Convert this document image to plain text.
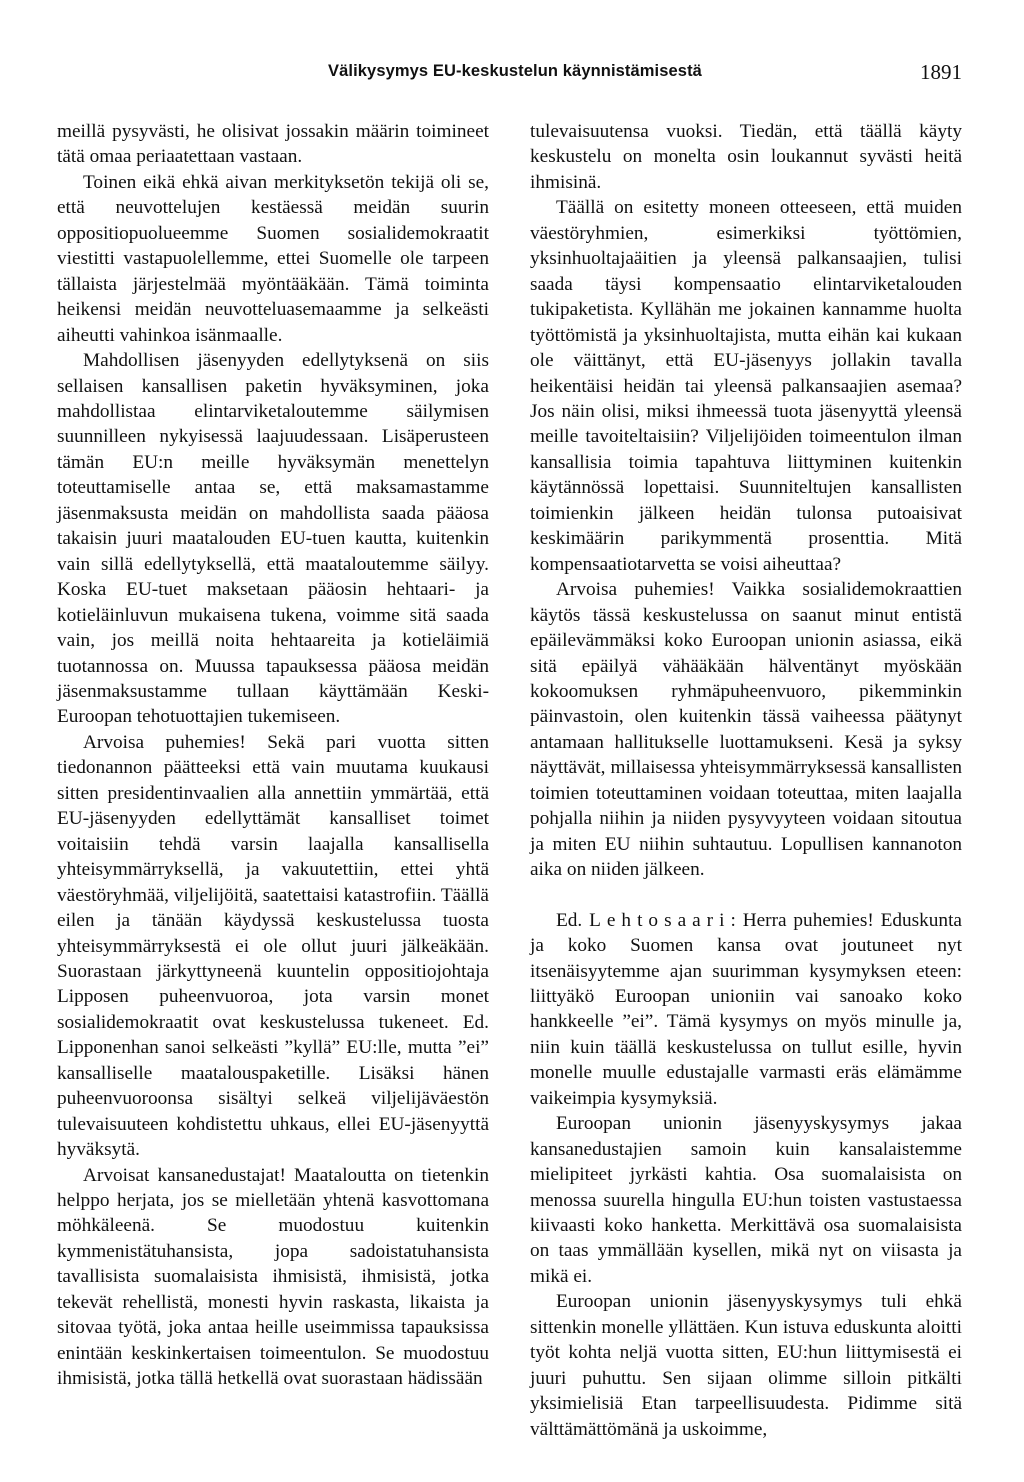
Välikysymys EU-keskustelun käynnistämisestä	1891

meillä pysyvästi, he olisivat jossakin määrin toimineet tätä omaa periaatettaan vastaan.

Toinen eikä ehkä aivan merkityksetön tekijä oli se, että neuvottelujen kestäessä meidän suurin oppositiopuolueemme Suomen sosialidemokraatit viestitti vastapuolellemme, ettei Suomelle ole tarpeen tällaista järjestelmää myöntääkään. Tämä toiminta heikensi meidän neuvotteluasemaamme ja selkeästi aiheutti vahinkoa isänmaalle.

Mahdollisen jäsenyyden edellytyksenä on siis sellaisen kansallisen paketin hyväksyminen, joka mahdollistaa elintarviketaloutemme säilymisen suunnilleen nykyisessä laajuudessaan. Lisäperusteen tämän EU:n meille hyväksymän menettelyn toteuttamiselle antaa se, että maksamastamme jäsenmaksusta meidän on mahdollista saada pääosa takaisin juuri maatalouden EU-tuen kautta, kuitenkin vain sillä edellytyksellä, että maataloutemme säilyy. Koska EU-tuet maksetaan pääosin hehtaari- ja kotieläinluvun mukaisena tukena, voimme sitä saada vain, jos meillä noita hehtaareita ja kotieläimiä tuotannossa on. Muussa tapauksessa pääosa meidän jäsenmaksustamme tullaan käyttämään Keski-Euroopan tehotuottajien tukemiseen.

Arvoisa puhemies! Sekä pari vuotta sitten tiedonannon päätteeksi että vain muutama kuukausi sitten presidentinvaalien alla annettiin ymmärtää, että EU-jäsenyyden edellyttämät kansalliset toimet voitaisiin tehdä varsin laajalla kansallisella yhteisymmärryksellä, ja vakuutettiin, ettei yhtä väestöryhmää, viljelijöitä, saatettaisi katastrofiin. Täällä eilen ja tänään käydyssä keskustelussa tuosta yhteisymmärryksestä ei ole ollut juuri jälkeäkään. Suorastaan järkyttyneenä kuuntelin oppositiojohtaja Lipposen puheenvuoroa, jota varsin monet sosialidemokraatit ovat keskustelussa tukeneet. Ed. Lipponenhan sanoi selkeästi ”kyllä” EU:lle, mutta ”ei” kansalliselle maatalouspaketille. Lisäksi hänen puheenvuoroonsa sisältyi selkeä viljelijäväestön tulevaisuuteen kohdistettu uhkaus, ellei EU-jäsenyyttä hyväksytä.

Arvoisat kansanedustajat! Maataloutta on tietenkin helppo herjata, jos se mielletään yhtenä kasvottomana möhkäleenä. Se muodostuu kuitenkin kymmenistätuhansista, jopa sadoistatuhansista tavallisista suomalaisista ihmisistä, ihmisistä, jotka tekevät rehellistä, monesti hyvin raskasta, likaista ja sitovaa työtä, joka antaa heille useimmissa tapauksissa enintään keskinkertaisen toimeentulon. Se muodostuu ihmisistä, jotka tällä hetkellä ovat suorastaan hädissään

tulevaisuutensa vuoksi. Tiedän, että täällä käyty keskustelu on monelta osin loukannut syvästi heitä ihmisinä.

Täällä on esitetty moneen otteeseen, että muiden väestöryhmien, esimerkiksi työttömien, yksinhuoltajaäitien ja yleensä palkansaajien, tulisi saada täysi kompensaatio elintarviketalouden tukipaketista. Kyllähän me jokainen kannamme huolta työttömistä ja yksinhuoltajista, mutta eihän kai kukaan ole väittänyt, että EU-jäsenyys jollakin tavalla heikentäisi heidän tai yleensä palkansaajien asemaa? Jos näin olisi, miksi ihmeessä tuota jäsenyyttä yleensä meille tavoiteltaisiin? Viljelijöiden toimeentulon ilman kansallisia toimia tapahtuva liittyminen kuitenkin käytännössä lopettaisi. Suunniteltujen kansallisten toimienkin jälkeen heidän tulonsa putoaisivat keskimäärin parikymmentä prosenttia. Mitä kompensaatiotarvetta se voisi aiheuttaa?

Arvoisa puhemies! Vaikka sosialidemokraattien käytös tässä keskustelussa on saanut minut entistä epäilevämmäksi koko Euroopan unionin asiassa, eikä sitä epäilyä vähääkään hälventänyt myöskään kokoomuksen ryhmäpuheenvuoro, pikemminkin päinvastoin, olen kuitenkin tässä vaiheessa päätynyt antamaan hallitukselle luottamukseni. Kesä ja syksy näyttävät, millaisessa yhteisymmärryksessä kansallisten toimien toteuttaminen voidaan toteuttaa, miten laajalla pohjalla niihin ja niiden pysyvyyteen voidaan sitoutua ja miten EU niihin suhtautuu. Lopullisen kannanoton aika on niiden jälkeen.

Ed. Lehtosaari: Herra puhemies! Eduskunta ja koko Suomen kansa ovat joutuneet nyt itsenäisyytemme ajan suurimman kysymyksen eteen: liittyäkö Euroopan unioniin vai sanoako koko hankkeelle ”ei”. Tämä kysymys on myös minulle ja, niin kuin täällä keskustelussa on tullut esille, hyvin monelle muulle edustajalle varmasti eräs elämämme vaikeimpia kysymyksiä.

Euroopan unionin jäsenyyskysymys jakaa kansanedustajien samoin kuin kansalaistemme mielipiteet jyrkästi kahtia. Osa suomalaisista on menossa suurella hingulla EU:hun toisten vastustaessa kiivaasti koko hanketta. Merkittävä osa suomalaisista on taas ymmällään kysellen, mikä nyt on viisasta ja mikä ei.

Euroopan unionin jäsenyyskysymys tuli ehkä sittenkin monelle yllättäen. Kun istuva eduskunta aloitti työt kohta neljä vuotta sitten, EU:hun liittymisestä ei juuri puhuttu. Sen sijaan olimme silloin pitkälti yksimielisiä Etan tarpeellisuudesta. Pidimme sitä välttämättömänä ja uskoimme,
